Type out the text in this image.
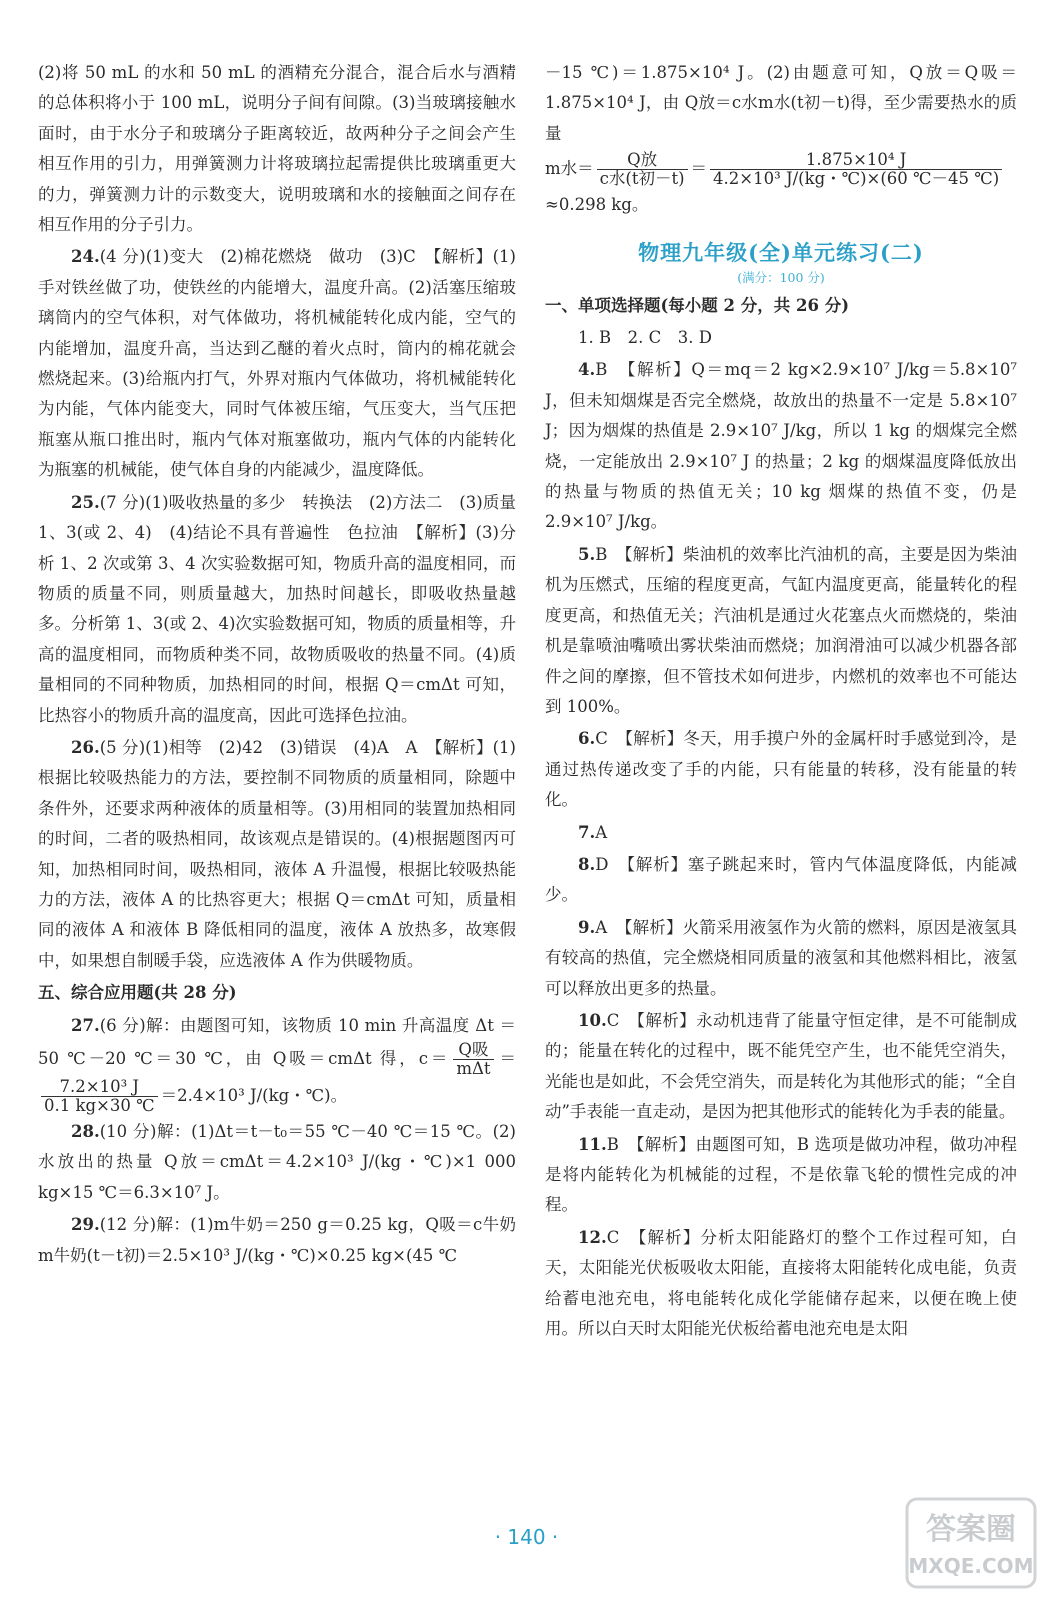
(2)将 50 mL 的水和 50 mL 的酒精充分混合，混合后水与酒精的总体积将小于 100 mL，说明分子间有间隙。(3)当玻璃接触水面时，由于水分子和玻璃分子距离较近，故两种分子之间会产生相互作用的引力，用弹簧测力计将玻璃拉起需提供比玻璃重更大的力，弹簧测力计的示数变大，说明玻璃和水的接触面之间存在相互作用的分子引力。

24.(4 分)(1)变大　(2)棉花燃烧　做功　(3)C　【解析】(1)手对铁丝做了功，使铁丝的内能增大，温度升高。(2)活塞压缩玻璃筒内的空气体积，对气体做功，将机械能转化成内能，空气的内能增加，温度升高，当达到乙醚的着火点时，筒内的棉花就会燃烧起来。(3)给瓶内打气，外界对瓶内气体做功，将机械能转化为内能，气体内能变大，同时气体被压缩，气压变大，当气压把瓶塞从瓶口推出时，瓶内气体对瓶塞做功，瓶内气体的内能转化为瓶塞的机械能，使气体自身的内能减少，温度降低。

25.(7 分)(1)吸收热量的多少　转换法　(2)方法二　(3)质量　1、3(或 2、4)　(4)结论不具有普遍性　色拉油　【解析】(3)分析 1、2 次或第 3、4 次实验数据可知，物质升高的温度相同，而物质的质量不同，则质量越大，加热时间越长，即吸收热量越多。分析第 1、3(或 2、4)次实验数据可知，物质的质量相等，升高的温度相同，而物质种类不同，故物质吸收的热量不同。(4)质量相同的不同种物质，加热相同的时间，根据 Q＝cmΔt 可知，比热容小的物质升高的温度高，因此可选择色拉油。

26.(5 分)(1)相等　(2)42　(3)错误　(4)A　A　【解析】(1)根据比较吸热能力的方法，要控制不同物质的质量相同，除题中条件外，还要求两种液体的质量相等。(3)用相同的装置加热相同的时间，二者的吸热相同，故该观点是错误的。(4)根据题图丙可知，加热相同时间，吸热相同，液体 A 升温慢，根据比较吸热能力的方法，液体 A 的比热容更大；根据 Q＝cmΔt 可知，质量相同的液体 A 和液体 B 降低相同的温度，液体 A 放热多，故寒假中，如果想自制暖手袋，应选液体 A 作为供暖物质。

五、综合应用题(共 28 分)

27.(6 分)解：由题图可知，该物质 10 min 升高温度 Δt ＝50 ℃－20 ℃＝30 ℃，由 Q吸＝cmΔt 得，$c= \frac{\text{Q吸}}{\text{mΔt}}$ ＝
$\frac{\text{7.2×10³ J}}{0.1 kg\times 30 ℃} =2.4\times 10^3$ J/(kg・℃)。

28.(10 分)解：(1)Δt＝t－t₀＝55 ℃－40 ℃＝15 ℃。(2)水放出的热量 Q放＝cmΔt＝4.2×10³ J/(kg・℃)×1 000 kg×15 ℃＝6.3×10⁷ J。

29.(12 分)解：(1)m牛奶＝250 g＝0.25 kg，Q吸＝c牛奶m牛奶(t－t初)＝2.5×10³ J/(kg・℃)×0.25 kg×(45 ℃

－15 ℃)＝1.875×10⁴ J。(2)由题意可知，Q放＝Q吸＝1.875×10⁴ J，由 Q放＝c水m水(t初－t)得，至少需要热水的质量

m水＝ $\frac{\text{Q放}}{\text{c水(t初－t)}} = \frac{\text{1.875×10⁴ J}}{\text{4.2×10³ J/(kg・℃)×(60 ℃－45 ℃)}}$

≈0.298 kg。

物理九年级(全)单元练习(二)
(满分：100 分)

一、单项选择题(每小题 2 分，共 26 分)

1. B　2. C　3. D

4.B　【解析】Q＝mq＝2 kg×2.9×10⁷ J/kg＝5.8×10⁷ J，但未知烟煤是否完全燃烧，故放出的热量不一定是 5.8×10⁷ J；因为烟煤的热值是 2.9×10⁷ J/kg，所以 1 kg 的烟煤完全燃烧，一定能放出 2.9×10⁷ J 的热量；2 kg 的烟煤温度降低放出的热量与物质的热值无关；10 kg 烟煤的热值不变，仍是 2.9×10⁷ J/kg。

5.B　【解析】柴油机的效率比汽油机的高，主要是因为柴油机为压燃式，压缩的程度更高，气缸内温度更高，能量转化的程度更高，和热值无关；汽油机是通过火花塞点火而燃烧的，柴油机是靠喷油嘴喷出雾状柴油而燃烧；加润滑油可以减少机器各部件之间的摩擦，但不管技术如何进步，内燃机的效率也不可能达到 100%。

6.C　【解析】冬天，用手摸户外的金属杆时手感觉到冷，是通过热传递改变了手的内能，只有能量的转移，没有能量的转化。

7.A

8.D　【解析】塞子跳起来时，管内气体温度降低，内能减少。

9.A　【解析】火箭采用液氢作为火箭的燃料，原因是液氢具有较高的热值，完全燃烧相同质量的液氢和其他燃料相比，液氢可以释放出更多的热量。

10.C　【解析】永动机违背了能量守恒定律，是不可能制成的；能量在转化的过程中，既不能凭空产生，也不能凭空消失，光能也是如此，不会凭空消失，而是转化为其他形式的能；“全自动”手表能一直走动，是因为把其他形式的能转化为手表的能量。

11.B　【解析】由题图可知，B 选项是做功冲程，做功冲程是将内能转化为机械能的过程，不是依靠飞轮的惯性完成的冲程。

12.C　【解析】分析太阳能路灯的整个工作过程可知，白天，太阳能光伏板吸收太阳能，直接将太阳能转化成电能，负责给蓄电池充电，将电能转化成化学能储存起来，以便在晚上使用。所以白天时太阳能光伏板给蓄电池充电是太阳

· 140 ·	答案圈
MXQE.COM
